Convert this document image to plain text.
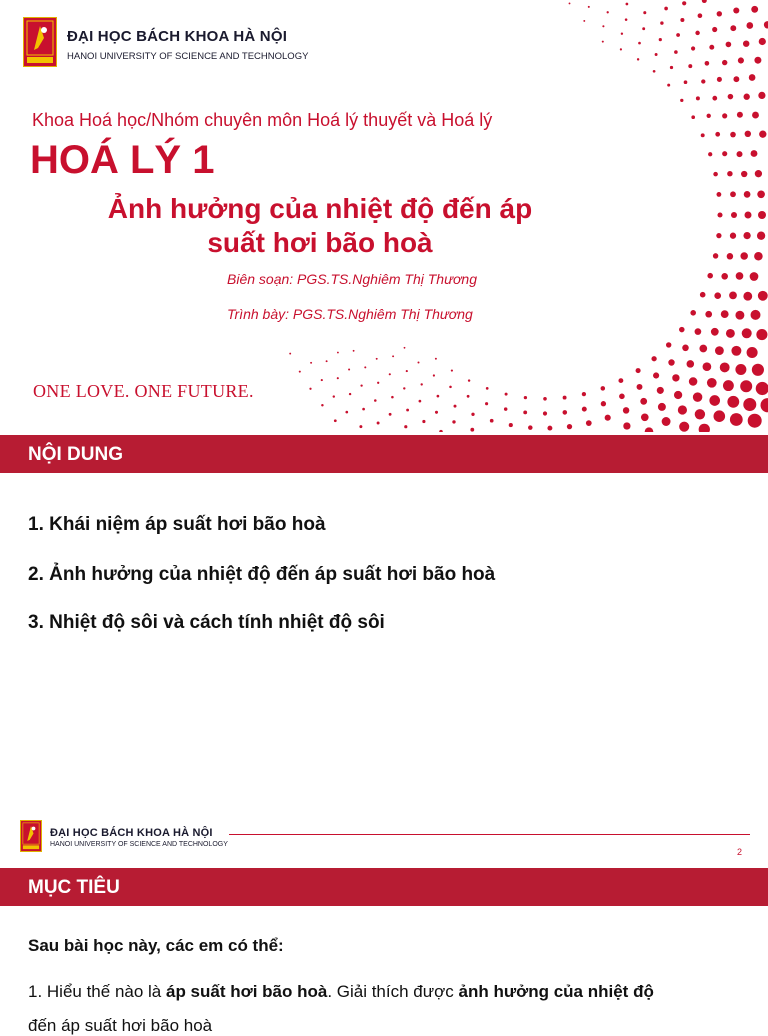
ĐẠI HỌC BÁCH KHOA HÀ NỘI
HANOI UNIVERSITY OF SCIENCE AND TECHNOLOGY
Khoa Hoá học/Nhóm chuyên môn Hoá lý thuyết và Hoá lý
HOÁ LÝ 1
Ảnh hưởng của nhiệt độ đến áp suất hơi bão hoà
Biên soạn: PGS.TS.Nghiêm Thị Thương
Trình bày: PGS.TS.Nghiêm Thị Thương
ONE LOVE. ONE FUTURE.
1
NỘI DUNG
1. Khái niệm áp suất hơi bão hoà
2. Ảnh hưởng của nhiệt độ đến áp suất hơi bão hoà
3. Nhiệt độ sôi và cách tính nhiệt độ sôi
ĐẠI HỌC BÁCH KHOA HÀ NỘI
HANOI UNIVERSITY OF SCIENCE AND TECHNOLOGY
2
MỤC TIÊU
Sau bài học này, các em có thể:
1. Hiểu thế nào là áp suất hơi bão hoà. Giải thích được ảnh hưởng của nhiệt độ
đến áp suất hơi bão hoà
